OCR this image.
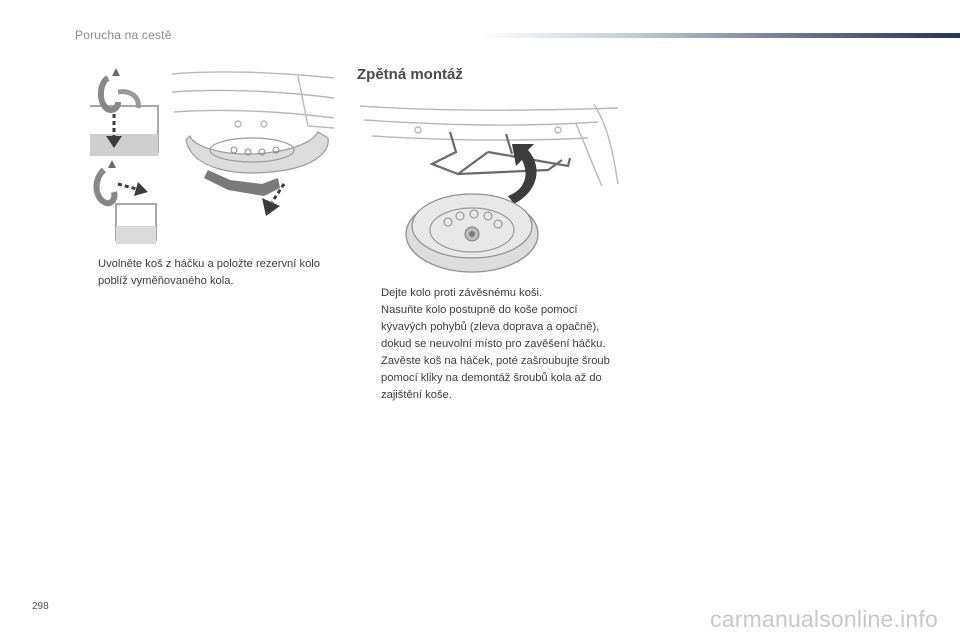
Porucha na cestě
Zpětná montáž
Uvolněte koš z háčku a položte rezervní kolo poblíž vyměňovaného kola.
Dejte kolo proti závěsnému koši.
Nasuňte kolo postupně do koše pomocí kývavých pohybů (zleva doprava a opačně), dokud se neuvolní místo pro zavěšení háčku.
Zavěste koš na háček, poté zašroubujte šroub pomocí kliky na demontáž šroubů kola až do zajištění koše.
298	carmanualsonline.info
